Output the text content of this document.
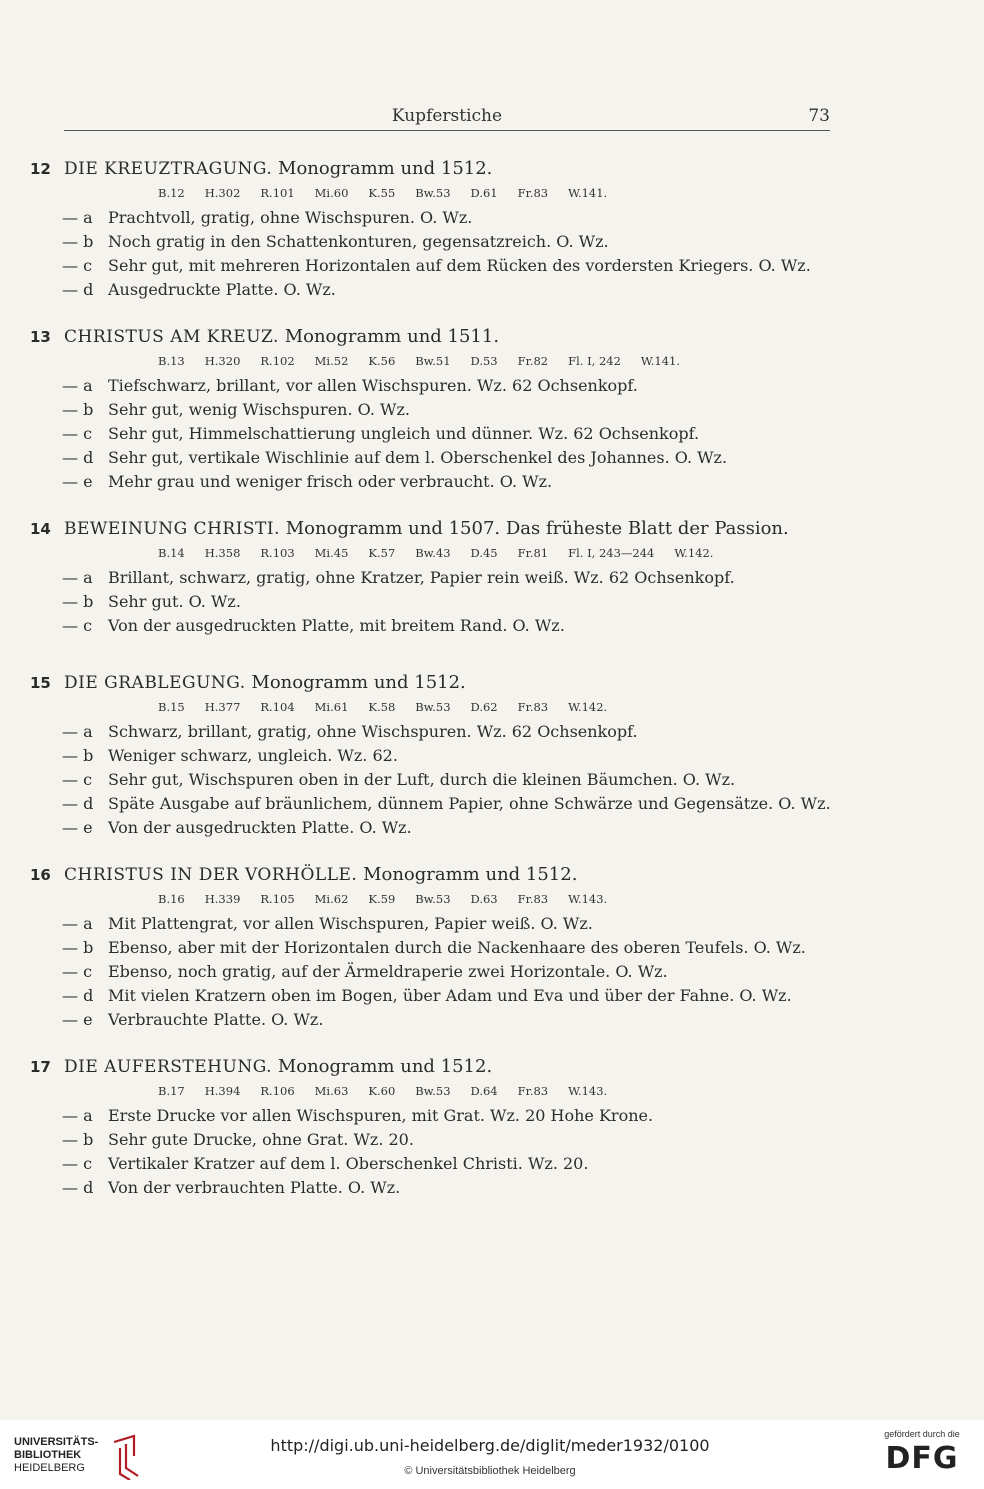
Kupferstiche	73
12 DIE KREUZTRAGUNG. Monogramm und 1512.
B.12 H.302 R.101 Mi.60 K.55 Bw.53 D.61 Fr.83 W.141.
— a Prachtvoll, gratig, ohne Wischspuren. O. Wz.
— b Noch gratig in den Schattenkonturen, gegensatzreich. O. Wz.
— c Sehr gut, mit mehreren Horizontalen auf dem Rücken des vordersten Kriegers. O. Wz.
— d Ausgedruckte Platte. O. Wz.
13 CHRISTUS AM KREUZ. Monogramm und 1511.
B.13 H.320 R.102 Mi.52 K.56 Bw.51 D.53 Fr.82 Fl. I, 242 W.141.
— a Tiefschwarz, brillant, vor allen Wischspuren. Wz. 62 Ochsenkopf.
— b Sehr gut, wenig Wischspuren. O. Wz.
— c Sehr gut, Himmelschattierung ungleich und dünner. Wz. 62 Ochsenkopf.
— d Sehr gut, vertikale Wischlinie auf dem l. Oberschenkel des Johannes. O. Wz.
— e Mehr grau und weniger frisch oder verbraucht. O. Wz.
14 BEWEINUNG CHRISTI. Monogramm und 1507. Das früheste Blatt der Passion.
B.14 H.358 R.103 Mi.45 K.57 Bw.43 D.45 Fr.81 Fl. I, 243—244 W.142.
— a Brillant, schwarz, gratig, ohne Kratzer, Papier rein weiß. Wz. 62 Ochsenkopf.
— b Sehr gut. O. Wz.
— c Von der ausgedruckten Platte, mit breitem Rand. O. Wz.
15 DIE GRABLEGUNG. Monogramm und 1512.
B.15 H.377 R.104 Mi.61 K.58 Bw.53 D.62 Fr.83 W.142.
— a Schwarz, brillant, gratig, ohne Wischspuren. Wz. 62 Ochsenkopf.
— b Weniger schwarz, ungleich. Wz. 62.
— c Sehr gut, Wischspuren oben in der Luft, durch die kleinen Bäumchen. O. Wz.
— d Späte Ausgabe auf bräunlichem, dünnem Papier, ohne Schwärze und Gegensätze. O. Wz.
— e Von der ausgedruckten Platte. O. Wz.
16 CHRISTUS IN DER VORHÖLLE. Monogramm und 1512.
B.16 H.339 R.105 Mi.62 K.59 Bw.53 D.63 Fr.83 W.143.
— a Mit Plattengrat, vor allen Wischspuren, Papier weiß. O. Wz.
— b Ebenso, aber mit der Horizontalen durch die Nackenhaare des oberen Teufels. O. Wz.
— c Ebenso, noch gratig, auf der Ärmeldraperie zwei Horizontale. O. Wz.
— d Mit vielen Kratzern oben im Bogen, über Adam und Eva und über der Fahne. O. Wz.
— e Verbrauchte Platte. O. Wz.
17 DIE AUFERSTEHUNG. Monogramm und 1512.
B.17 H.394 R.106 Mi.63 K.60 Bw.53 D.64 Fr.83 W.143.
— a Erste Drucke vor allen Wischspuren, mit Grat. Wz. 20 Hohe Krone.
— b Sehr gute Drucke, ohne Grat. Wz. 20.
— c Vertikaler Kratzer auf dem l. Oberschenkel Christi. Wz. 20.
— d Von der verbrauchten Platte. O. Wz.
UNIVERSITÄTS-
BIBLIOTHEK
HEIDELBERG
http://digi.ub.uni-heidelberg.de/diglit/meder1932/0100
© Universitätsbibliothek Heidelberg
gefördert durch die
DFG
